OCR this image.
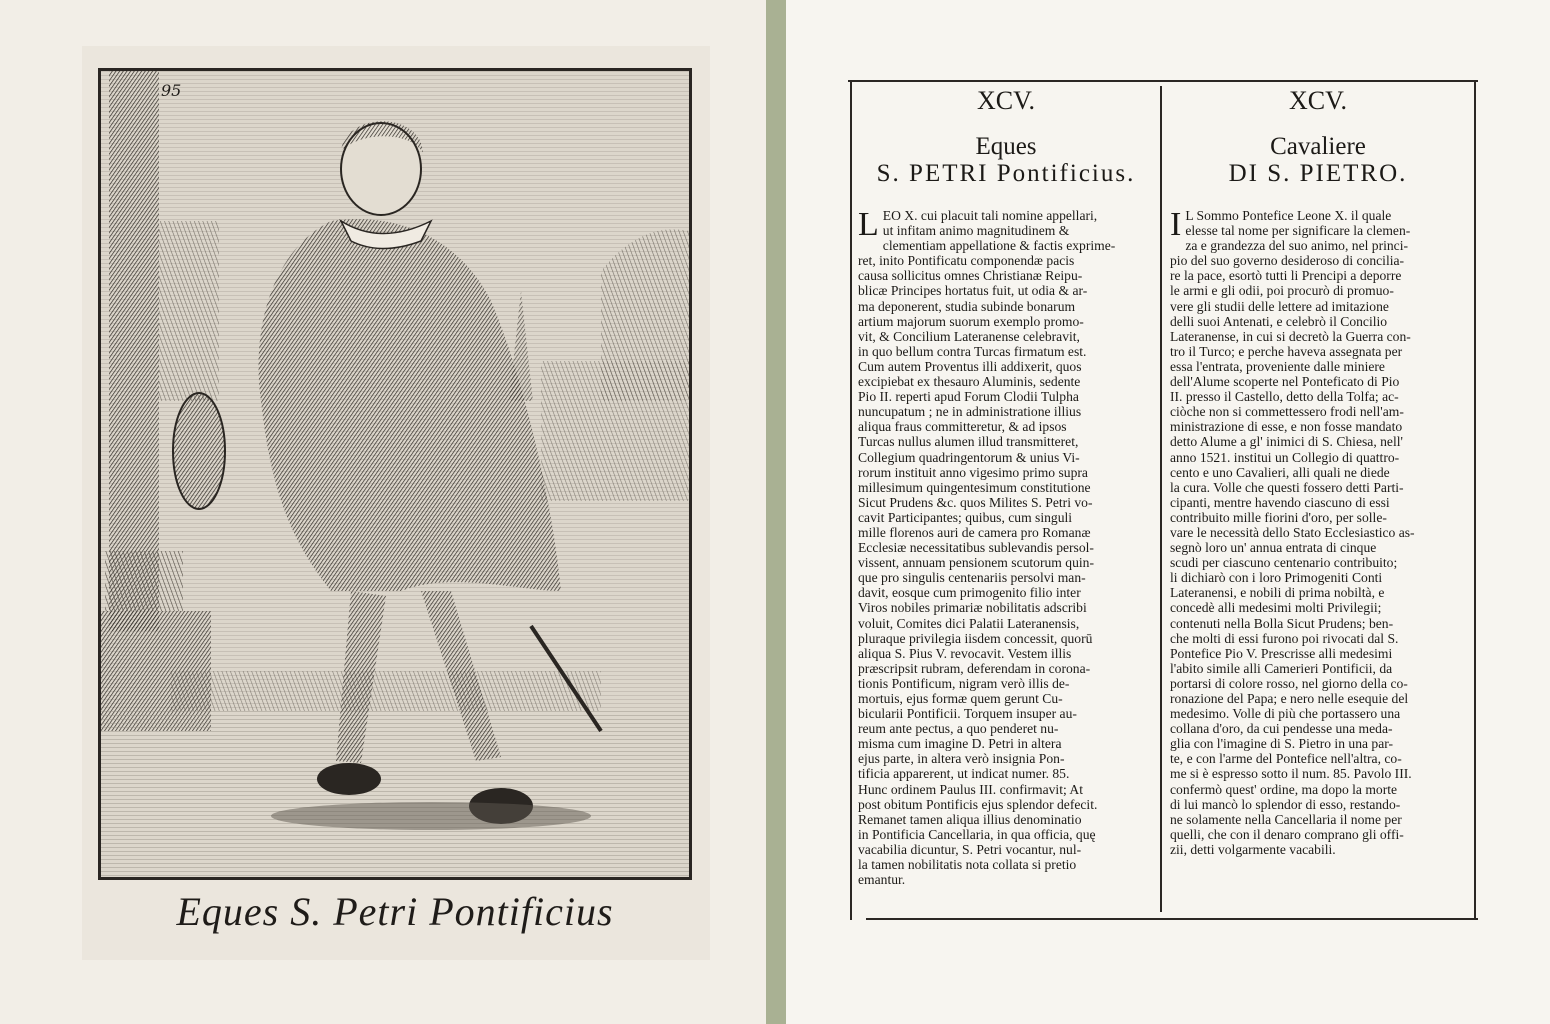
95
Eques S. Petri Pontificius
XCV.
Eques
S. PETRI Pontificius.
L EO X. cui placuit tali nomine appellari,
ut infitam animo magnitudinem &
clementiam appellatione & factis exprime-
ret, inito Pontificatu componendæ pacis
causa sollicitus omnes Christianæ Reipu-
blicæ Principes hortatus fuit, ut odia & ar-
ma deponerent, studia subinde bonarum
artium majorum suorum exemplo promo-
vit, & Concilium Lateranense celebravit,
in quo bellum contra Turcas firmatum est.
Cum autem Proventus illi addixerit, quos
excipiebat ex thesauro Aluminis, sedente
Pio II. reperti apud Forum Clodii Tulpha
nuncupatum ; ne in administratione illius
aliqua fraus committeretur, & ad ipsos
Turcas nullus alumen illud transmitteret,
Collegium quadringentorum & unius Vi-
rorum instituit anno vigesimo primo supra
millesimum quingentesimum constitutione
Sicut Prudens &c. quos Milites S. Petri vo-
cavit Participantes; quibus, cum singuli
mille florenos auri de camera pro Romanæ
Ecclesiæ necessitatibus sublevandis persol-
vissent, annuam pensionem scutorum quin-
que pro singulis centenariis persolvi man-
davit, eosque cum primogenito filio inter
Viros nobiles primariæ nobilitatis adscribi
voluit, Comites dici Palatii Lateranensis,
pluraque privilegia iisdem concessit, quorū
aliqua S. Pius V. revocavit. Vestem illis
præscripsit rubram, deferendam in corona-
tionis Pontificum, nigram verò illis de-
mortuis, ejus formæ quem gerunt Cu-
bicularii Pontificii. Torquem insuper au-
reum ante pectus, a quo penderet nu-
misma cum imagine D. Petri in altera
ejus parte, in altera verò insignia Pon-
tificia apparerent, ut indicat numer. 85.
Hunc ordinem Paulus III. confirmavit; At
post obitum Pontificis ejus splendor defecit.
Remanet tamen aliqua illius denominatio
in Pontificia Cancellaria, in qua officia, quę
vacabilia dicuntur, S. Petri vocantur, nul-
la tamen nobilitatis nota collata si pretio
emantur.
XCV.
Cavaliere
DI S. PIETRO.
I L Sommo Pontefice Leone X. il quale
elesse tal nome per significare la clemen-
za e grandezza del suo animo, nel princi-
pio del suo governo desideroso di concilia-
re la pace, esortò tutti li Prencipi a deporre
le armi e gli odii, poi procurò di promuo-
vere gli studii delle lettere ad imitazione
delli suoi Antenati, e celebrò il Concilio
Lateranense, in cui si decretò la Guerra con-
tro il Turco; e perche haveva assegnata per
essa l'entrata, proveniente dalle miniere
dell'Alume scoperte nel Ponteficato di Pio
II. presso il Castello, detto della Tolfa; ac-
ciòche non si commettessero frodi nell'am-
ministrazione di esse, e non fosse mandato
detto Alume a gl' inimici di S. Chiesa, nell'
anno 1521. institui un Collegio di quattro-
cento e uno Cavalieri, alli quali ne diede
la cura. Volle che questi fossero detti Parti-
cipanti, mentre havendo ciascuno di essi
contribuito mille fiorini d'oro, per solle-
vare le necessità dello Stato Ecclesiastico as-
segnò loro un' annua entrata di cinque
scudi per ciascuno centenario contribuito;
li dichiarò con i loro Primogeniti Conti
Lateranensi, e nobili di prima nobiltà, e
concedè alli medesimi molti Privilegii;
contenuti nella Bolla Sicut Prudens; ben-
che molti di essi furono poi rivocati dal S.
Pontefice Pio V. Prescrisse alli medesimi
l'abito simile alli Camerieri Pontificii, da
portarsi di colore rosso, nel giorno della co-
ronazione del Papa; e nero nelle esequie del
medesimo. Volle di più che portassero una
collana d'oro, da cui pendesse una meda-
glia con l'imagine di S. Pietro in una par-
te, e con l'arme del Pontefice nell'altra, co-
me si è espresso sotto il num. 85. Pavolo III.
confermò quest' ordine, ma dopo la morte
di lui mancò lo splendor di esso, restando-
ne solamente nella Cancellaria il nome per
quelli, che con il denaro comprano gli offi-
zii, detti volgarmente vacabili.
